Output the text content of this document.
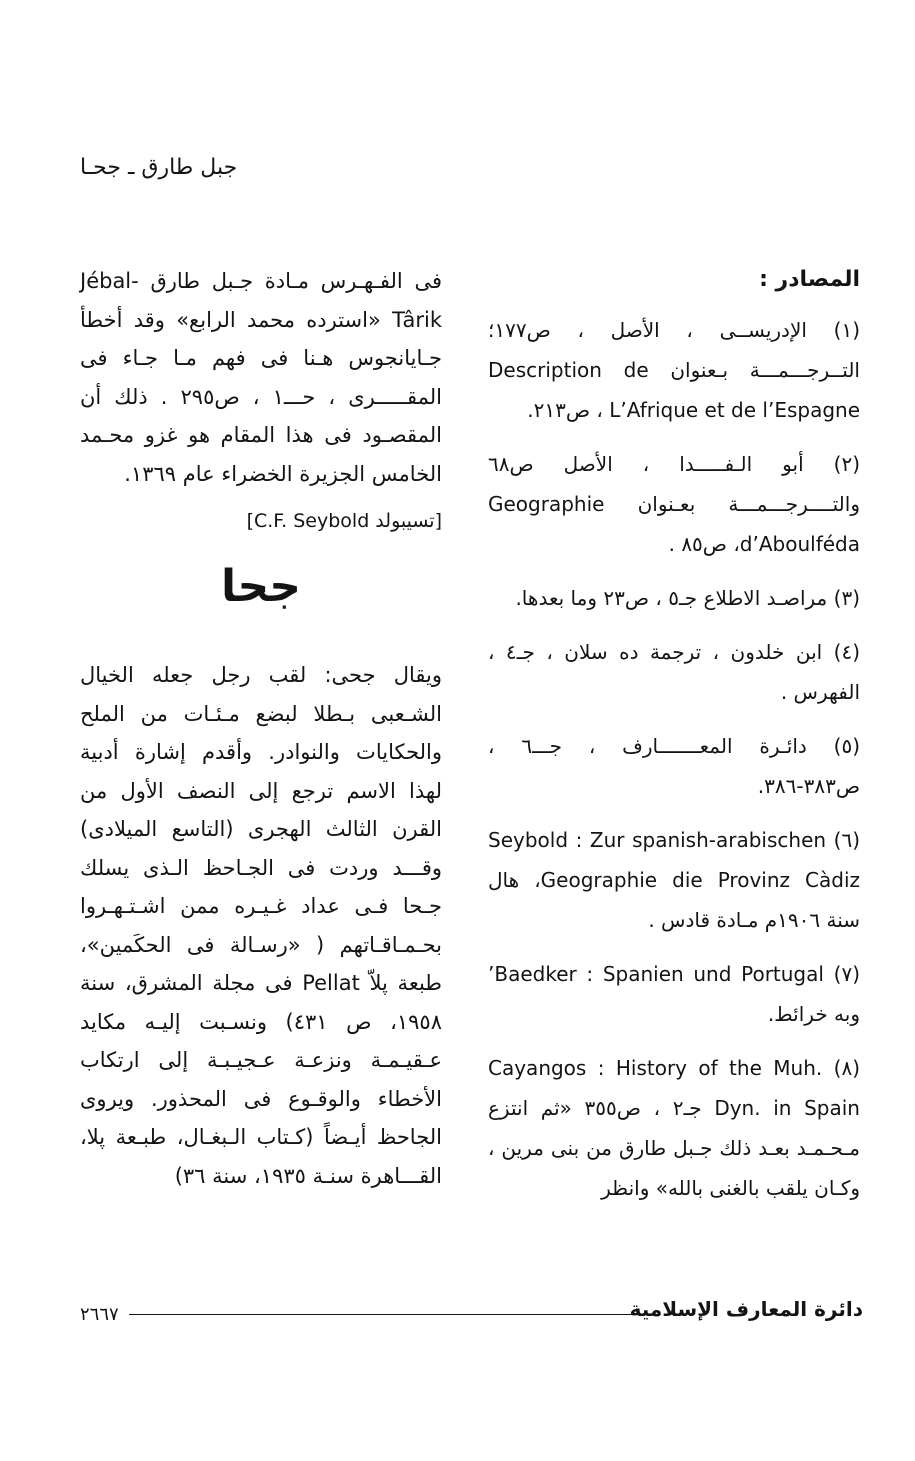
جبل طارق ـ جحـا
المصادر :
(١) الإدريســى ، الأصل ، ص١٧٧؛ التــرجـــمـــة بـعنوان Description de L’Afrique et de l’Espagne ، ص٢١٣.
(٢) أبو الـفـــــدا ، الأصل ص٦٨ والتــــرجـــمـــة بعـنوان Geographie d’Aboulféda، ص٨٥ .
(٣) مراصـد الاطلاع جـ٥ ، ص٢٣ وما بعدها.
(٤) ابن خلدون ، ترجمة ده سلان ، جـ٤ ، الفهرس .
(٥) دائـرة المعـــــــارف ، جـــ٦ ، ص٣٨٣-٣٨٦.
(٦) Seybold : Zur spanish-arabischen Geographie die Provinz Càdiz، هال سنة ١٩٠٦م مـادة قادس .
(٧) Baedker : Spanien und Portugal’ وبه خرائط.
(٨) Cayangos : History of the Muh. Dyn. in Spain جـ٢ ، ص٣٥٥ «ثم انتزع مـحـمـد بعـد ذلك جـبل طارق من بنى مرين ، وكـان يلقب بالغنى بالله» وانظر
فى الفـهـرس مـادة جـبل طارق Jébal-Târik «استرده محمد الرابع» وقد أخطأ جـايانجوس هـنا فى فهم مـا جـاء فى المقـــــرى ، حـــ١ ، ص٢٩٥ . ذلك أن المقصـود فى هذا المقام هو غزو محـمد الخامس الجزيرة الخضراء عام ١٣٦٩.
[تسيبولد C.F. Seybold]
جحا
ويقال جحى: لقب رجل جعله الخيال الشـعبى بـطلا لبضع مـئـات من الملح والحكايات والنوادر. وأقدم إشارة أدبية لهذا الاسم ترجع إلى النصف الأول من القرن الثالث الهجرى (التاسع الميلادى) وقـــد وردت فى الجـاحظ الـذى يسلك جـحا فـى عداد غـيـره ممن اشـتـهـروا بحـمـاقـاتهم ( «رسـالة فى الحكَمين»، طبعة پلاّ Pellat فى مجلة المشرق، سنة ١٩٥٨، ص ٤٣١) ونسـبت إليـه مكايد عـقيـمـة ونزعـة عـجيـبـة إلى ارتكاب الأخطاء والوقـوع فى المحذور. ويروى الجاحظ أيـضاً (كـتاب الـبغـال، طبـعة پلا، القـــاهرة سنـة ١٩٣٥، سنة ٣٦)
٢٦٦٧	دائرة المعارف الإسلامية
